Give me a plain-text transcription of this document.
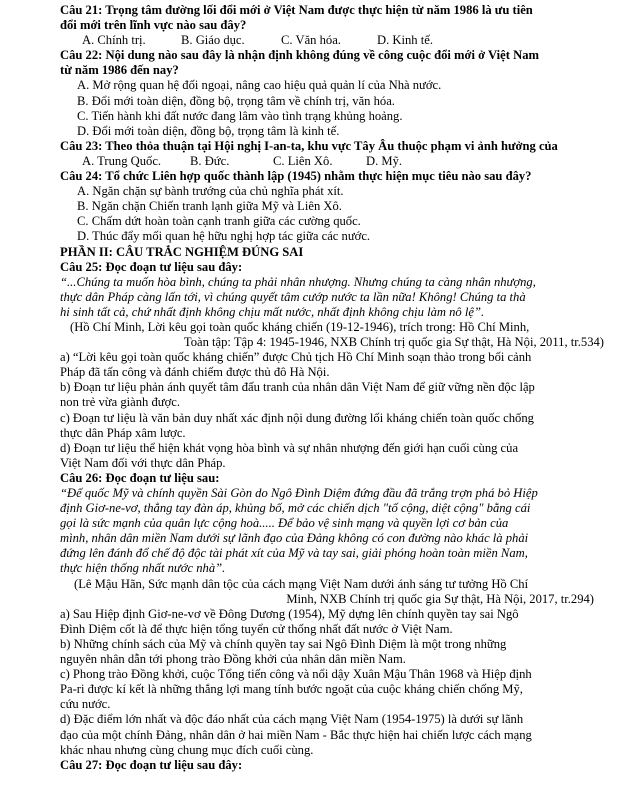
Câu 21: Trọng tâm đường lối đổi mới ở Việt Nam được thực hiện từ năm 1986 là ưu tiên
đổi mới trên lĩnh vực nào sau đây?
A. Chính trị.	B. Giáo dục.	C. Văn hóa.	D. Kinh tế.
Câu 22: Nội dung nào sau đây là nhận định không đúng về công cuộc đổi mới ở Việt Nam
từ năm 1986 đến nay?
A. Mở rộng quan hệ đối ngoại, nâng cao hiệu quả quản lí của Nhà nước.
B. Đổi mới toàn diện, đồng bộ, trọng tâm về chính trị, văn hóa.
C. Tiến hành khi đất nước đang lâm vào tình trạng khủng hoảng.
D. Đổi mới toàn diện, đồng bộ, trọng tâm là kinh tế.
Câu 23: Theo thỏa thuận tại Hội nghị I-an-ta, khu vực Tây Âu thuộc phạm vi ảnh hưởng của
A. Trung Quốc.	B. Đức.	C. Liên Xô.	D. Mỹ.
Câu 24: Tổ chức Liên hợp quốc thành lập (1945) nhằm thực hiện mục tiêu nào sau đây?
A. Ngăn chặn sự bành trướng của chủ nghĩa phát xít.
B. Ngăn chặn Chiến tranh lạnh giữa Mỹ và Liên Xô.
C. Chấm dứt hoàn toàn cạnh tranh giữa các cường quốc.
D. Thúc đẩy mối quan hệ hữu nghị hợp tác giữa các nước.
PHẦN II: CÂU TRẮC NGHIỆM ĐÚNG SAI
Câu 25: Đọc đoạn tư liệu sau đây:
“...Chúng ta muốn hòa bình, chúng ta phải nhân nhượng. Nhưng chúng ta càng nhân nhượng,
thực dân Pháp càng lấn tới, vì chúng quyết tâm cướp nước ta lần nữa! Không! Chúng ta thà
hi sinh tất cả, chứ nhất định không chịu mất nước, nhất định không chịu làm nô lệ”.
(Hồ Chí Minh, Lời kêu gọi toàn quốc kháng chiến (19-12-1946), trích trong: Hồ Chí Minh,
Toàn tập: Tập 4: 1945-1946, NXB Chính trị quốc gia Sự thật, Hà Nội, 2011, tr.534)
a) “Lời kêu gọi toàn quốc kháng chiến” được Chủ tịch Hồ Chí Minh soạn thảo trong bối cảnh
Pháp đã tấn công và đánh chiếm được thủ đô Hà Nội.
b) Đoạn tư liệu phản ánh quyết tâm đấu tranh của nhân dân Việt Nam để giữ vững nền độc lập
non trẻ vừa giành được.
c) Đoạn tư liệu là văn bản duy nhất xác định nội dung đường lối kháng chiến toàn quốc chống
thực dân Pháp xâm lược.
d) Đoạn tư liệu thể hiện khát vọng hòa bình và sự nhân nhượng đến giới hạn cuối cùng của
Việt Nam đối với thực dân Pháp.
Câu 26: Đọc đoạn tư liệu sau:
“Đế quốc Mỹ và chính quyền Sài Gòn do Ngô Đình Diệm đứng đầu đã trắng trợn phá bỏ Hiệp
định Giơ-ne-vơ, thẳng tay đàn áp, khủng bố, mở các chiến dịch "tố cộng, diệt cộng" bằng cái
gọi là sức mạnh của quân lực cộng hoà..... Để bảo vệ sinh mạng và quyền lợi cơ bản của
mình, nhân dân miền Nam dưới sự lãnh đạo của Đảng không có con đường nào khác là phải
đứng lên đánh đổ chế độ độc tài phát xít của Mỹ và tay sai, giải phóng hoàn toàn miền Nam,
thực hiện thống nhất nước nhà”.
(Lê Mậu Hãn, Sức mạnh dân tộc của cách mạng Việt Nam dưới ánh sáng tư tưởng Hồ Chí
Minh, NXB Chính trị quốc gia Sự thật, Hà Nội, 2017, tr.294)
a) Sau Hiệp định Giơ-ne-vơ về Đông Dương (1954), Mỹ dựng lên chính quyền tay sai Ngô
Đình Diệm cốt là để thực hiện tổng tuyển cử thống nhất đất nước ở Việt Nam.
b) Những chính sách của Mỹ và chính quyền tay sai Ngô Đình Diệm là một trong những
nguyên nhân dẫn tới phong trào Đồng khởi của nhân dân miền Nam.
c) Phong trào Đồng khởi, cuộc Tổng tiến công và nổi dậy Xuân Mậu Thân 1968 và Hiệp định
Pa-ri được kí kết là những thắng lợi mang tính bước ngoặt của cuộc kháng chiến chống Mỹ,
cứu nước.
d) Đặc điểm lớn nhất và độc đáo nhất của cách mạng Việt Nam (1954-1975) là dưới sự lãnh
đạo của một chính Đảng, nhân dân ở hai miền Nam - Bắc thực hiện hai chiến lược cách mạng
khác nhau nhưng cùng chung mục đích cuối cùng.
Câu 27: Đọc đoạn tư liệu sau đây:
